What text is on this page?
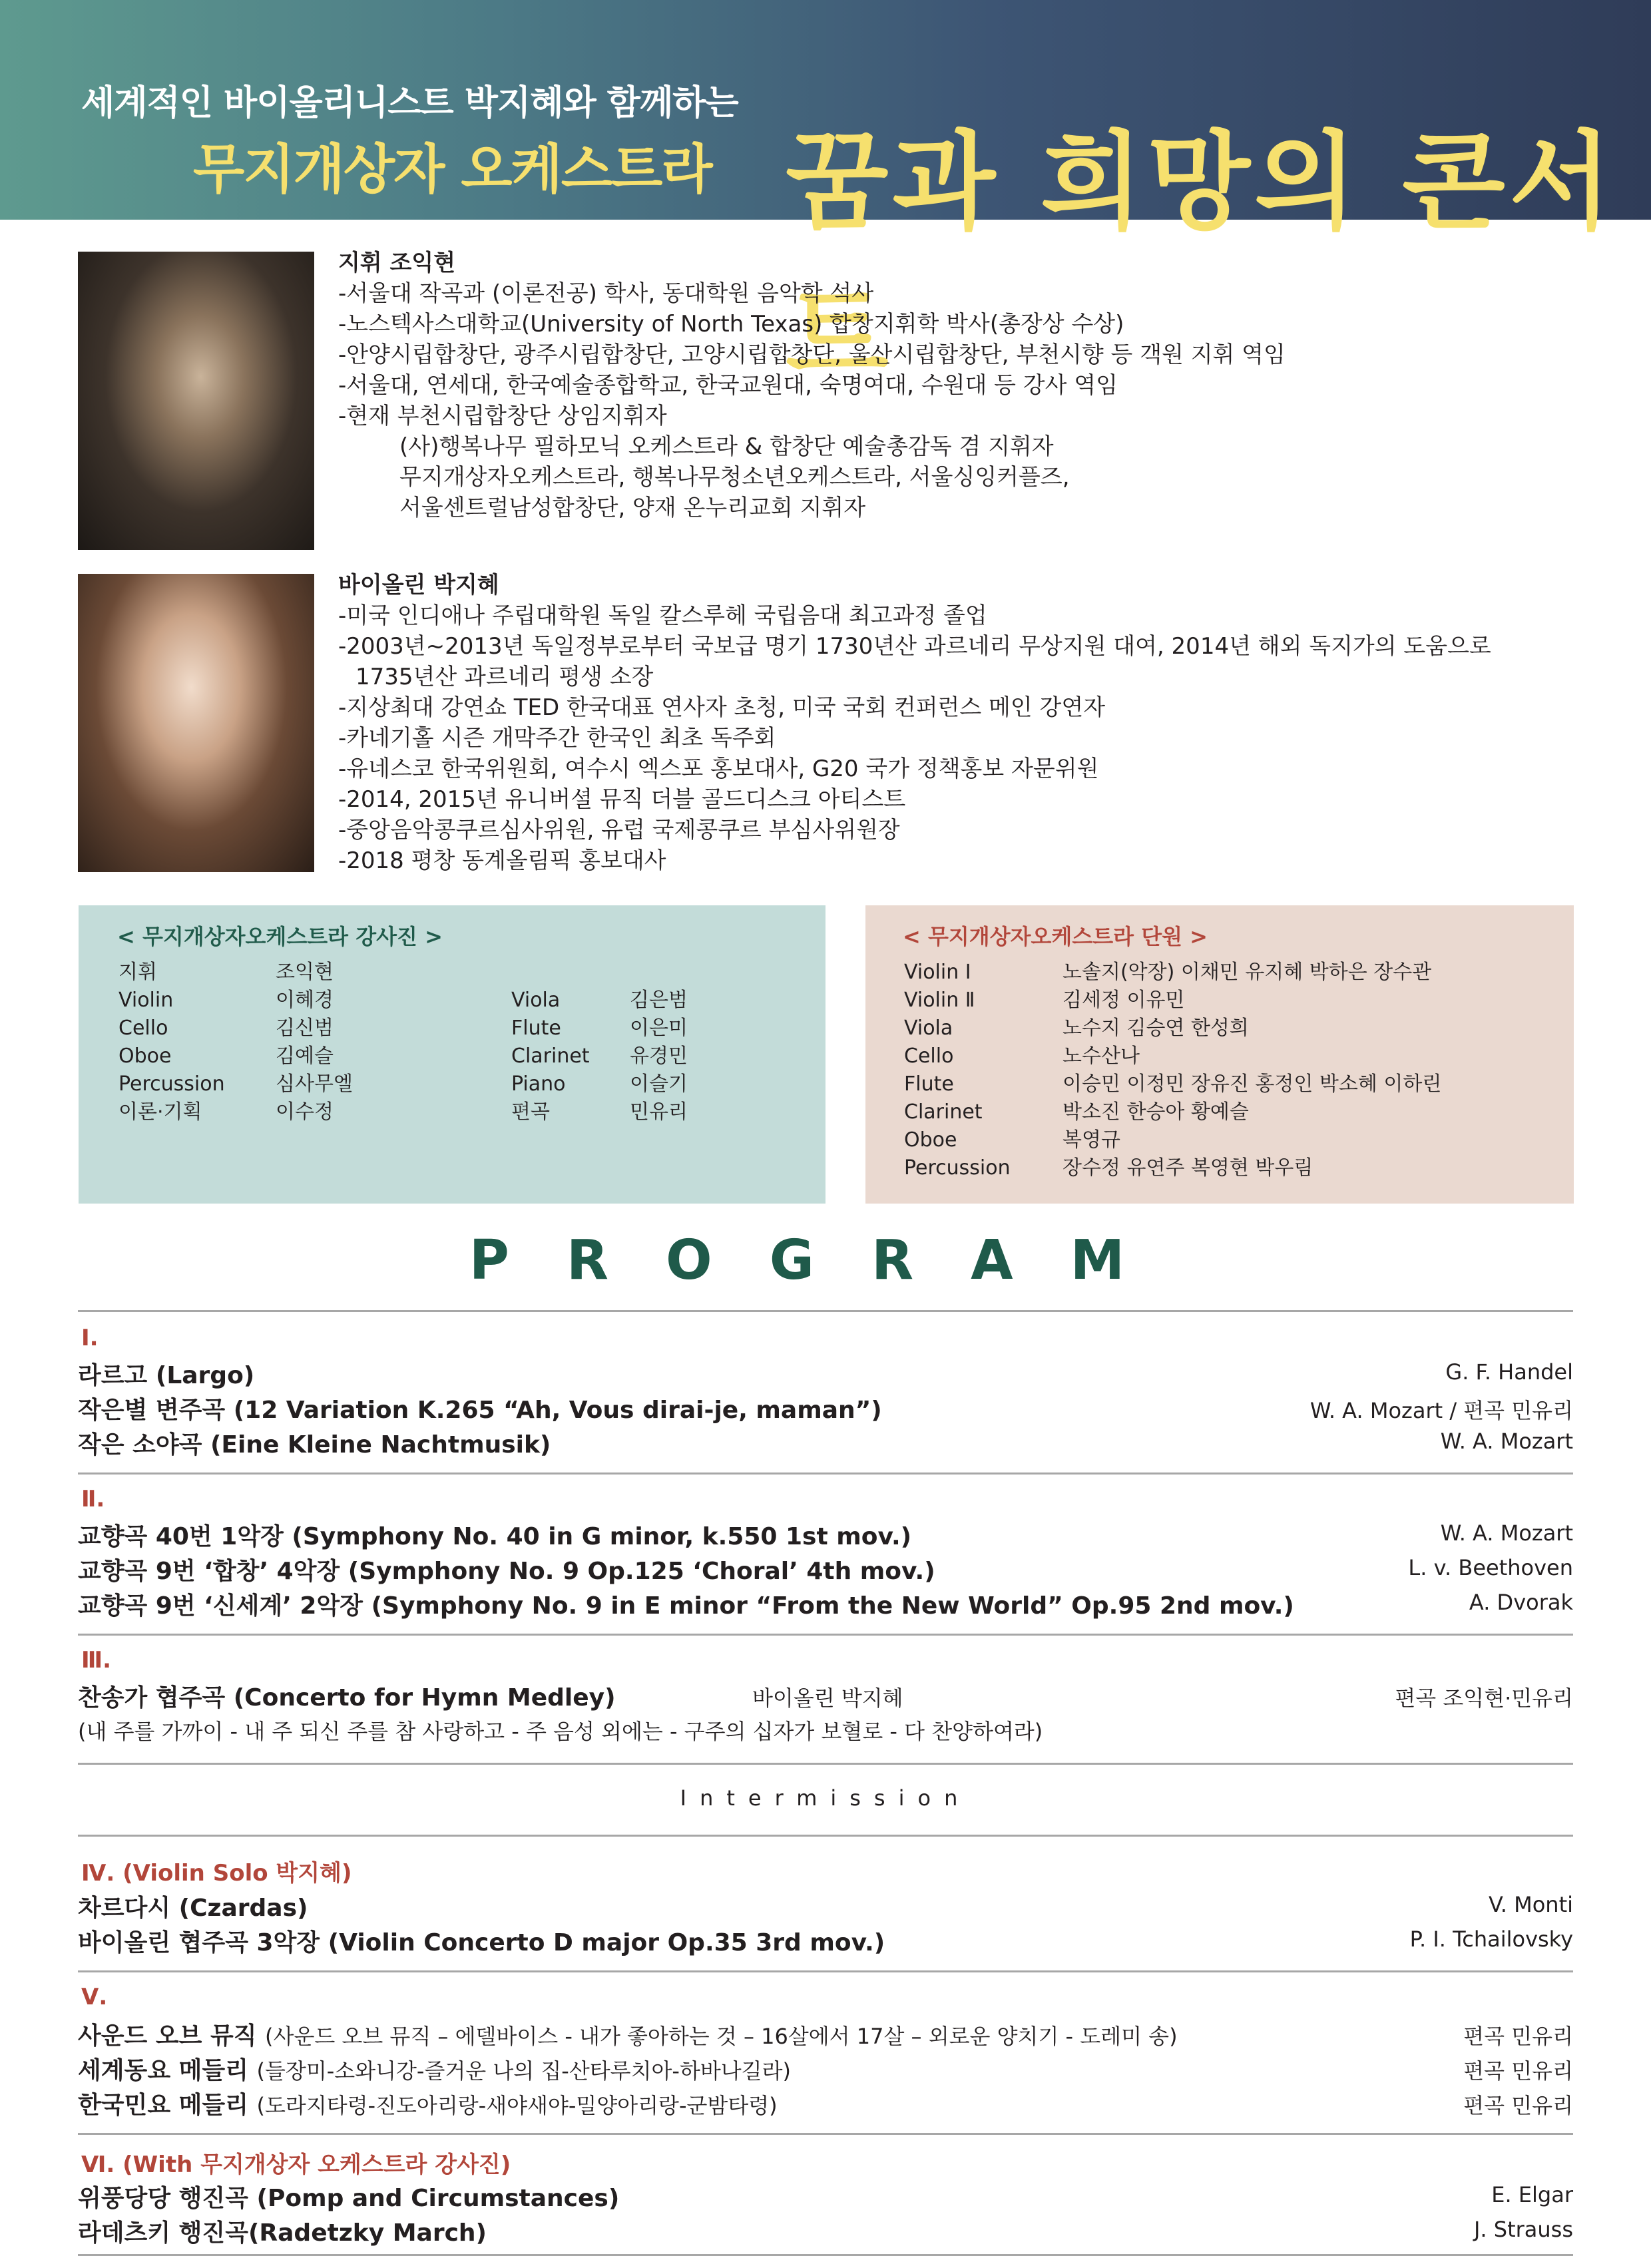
세계적인 바이올리니스트 박지혜와 함께하는
무지개상자 오케스트라 꿈과 희망의 콘서트
지휘 조익현
-서울대 작곡과 (이론전공) 학사, 동대학원 음악학 석사
-노스텍사스대학교(University of North Texas) 합창지휘학 박사(총장상 수상)
-안양시립합창단, 광주시립합창단, 고양시립합창단, 울산시립합창단, 부천시향 등 객원 지휘 역임
-서울대, 연세대, 한국예술종합학교, 한국교원대, 숙명여대, 수원대 등 강사 역임
-현재 부천시립합창단 상임지휘자
(사)행복나무 필하모닉 오케스트라 & 합창단 예술총감독 겸 지휘자
무지개상자오케스트라, 행복나무청소년오케스트라, 서울싱잉커플즈,
서울센트럴남성합창단, 양재 온누리교회 지휘자
바이올린 박지혜
-미국 인디애나 주립대학원 독일 칼스루헤 국립음대 최고과정 졸업
-2003년~2013년 독일정부로부터 국보급 명기 1730년산 과르네리 무상지원 대여, 2014년 해외 독지가의 도움으로
1735년산 과르네리 평생 소장
-지상최대 강연쇼 TED 한국대표 연사자 초청, 미국 국회 컨퍼런스 메인 강연자
-카네기홀 시즌 개막주간 한국인 최초 독주회
-유네스코 한국위원회, 여수시 엑스포 홍보대사, G20 국가 정책홍보 자문위원
-2014, 2015년 유니버셜 뮤직 더블 골드디스크 아티스트
-중앙음악콩쿠르심사위원, 유럽 국제콩쿠르 부심사위원장
-2018 평창 동계올림픽 홍보대사
< 무지개상자오케스트라 강사진 >
지휘	조익현
Violin	이혜경
Cello	김신범
Oboe	김예슬
Percussion	심사무엘
이론·기획	이수정
Viola	김은범
Flute	이은미
Clarinet 유경민
Piano	이슬기
편곡	민유리
< 무지개상자오케스트라 단원 >
Violin Ⅰ	노솔지(악장) 이채민 유지혜 박하은 장수관
Violin Ⅱ	김세정 이유민
Viola	노수지 김승연 한성희
Cello	노수산나
Flute	이승민 이정민 장유진 홍정인 박소혜 이하린
Clarinet	박소진 한승아 황예슬
Oboe	복영규
Percussion	장수정 유연주 복영현 박우림
PROGRAM
Ⅰ.
라르고 (Largo)	G. F. Handel
작은별 변주곡 (12 Variation K.265 “Ah, Vous dirai-je, maman”)	W. A. Mozart / 편곡 민유리
작은 소야곡 (Eine Kleine Nachtmusik)	W. A. Mozart
Ⅱ.
교향곡 40번 1악장 (Symphony No. 40 in G minor, k.550 1st mov.)	W. A. Mozart
교향곡 9번 ‘합창’ 4악장 (Symphony No. 9 Op.125 ‘Choral’ 4th mov.)	L. v. Beethoven
교향곡 9번 ‘신세계’ 2악장 (Symphony No. 9 in E minor “From the New World” Op.95 2nd mov.)	A. Dvorak
Ⅲ.
찬송가 협주곡 (Concerto for Hymn Medley)	바이올린 박지혜	편곡 조익현·민유리
(내 주를 가까이 - 내 주 되신 주를 참 사랑하고 - 주 음성 외에는 - 구주의 십자가 보혈로 - 다 찬양하여라)
Intermission
Ⅳ. (Violin Solo 박지혜)
차르다시 (Czardas)	V. Monti
바이올린 협주곡 3악장 (Violin Concerto D major Op.35 3rd mov.)	P. I. Tchailovsky
Ⅴ.
사운드 오브 뮤직 (사운드 오브 뮤직 – 에델바이스 - 내가 좋아하는 것 – 16살에서 17살 – 외로운 양치기 - 도레미 송)	편곡 민유리
세계동요 메들리 (들장미-소와니강-즐거운 나의 집-산타루치아-하바나길라)	편곡 민유리
한국민요 메들리 (도라지타령-진도아리랑-새야새야-밀양아리랑-군밤타령)	편곡 민유리
Ⅵ. (With 무지개상자 오케스트라 강사진)
위풍당당 행진곡 (Pomp and Circumstances)	E. Elgar
라데츠키 행진곡(Radetzky March)	J. Strauss
